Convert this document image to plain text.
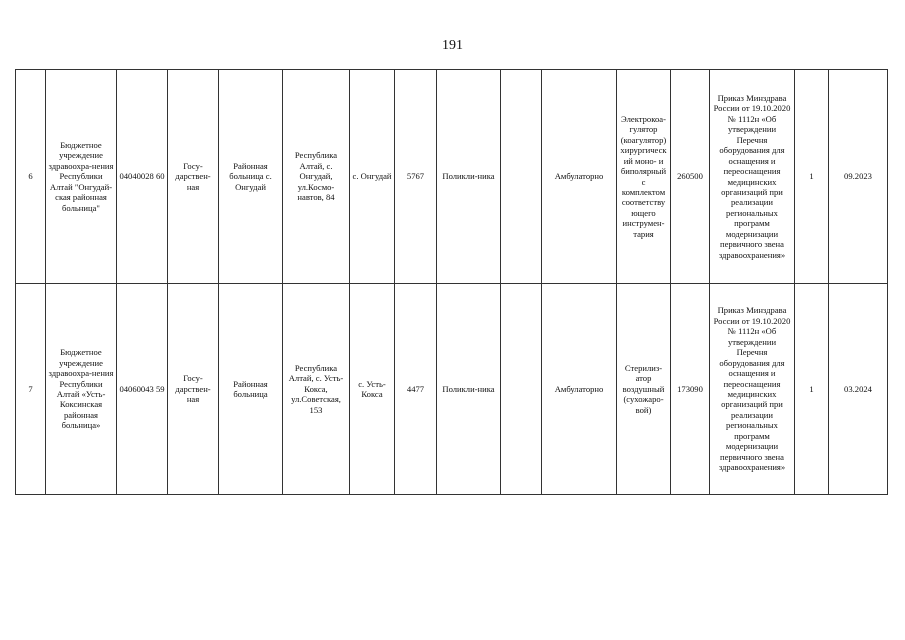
191
6	Бюджетное учреждение здравоохра-нения Республики Алтай "Онгудай-ская районная больница"	04040028 60	Госу-дарствен-ная	Районная больница с. Онгудай	Республика Алтай, с. Онгудай, ул.Космо-навтов, 84	с. Онгудай	5767	Поликли-ника		Амбулаторно	Электрокоа-гулятор (коагулятор) хирургическ ий моно- и биполярный с комплектом соответству ющего инструмен-тария	260500	Приказ Минздрава России от 19.10.2020 № 1112н «Об утверждении Перечня оборудования для оснащения и переоснащения медицинских организаций при реализации региональных программ модернизации первичного звена здравоохранения»	1	09.2023
7	Бюджетное учреждение здравоохра-нения Республики Алтай «Усть-Коксинская районная больница»	04060043 59	Госу-дарствен-ная	Районная больница	Республика Алтай, с. Усть-Кокса, ул.Советская, 153	с. Усть-Кокса	4477	Поликли-ника		Амбулаторно	Стерилиз-атор воздушный (сухожаро-вой)	173090	Приказ Минздрава России от 19.10.2020 № 1112н «Об утверждении Перечня оборудования для оснащения и переоснащения медицинских организаций при реализации региональных программ модернизации первичного звена здравоохранения»	1	03.2024
